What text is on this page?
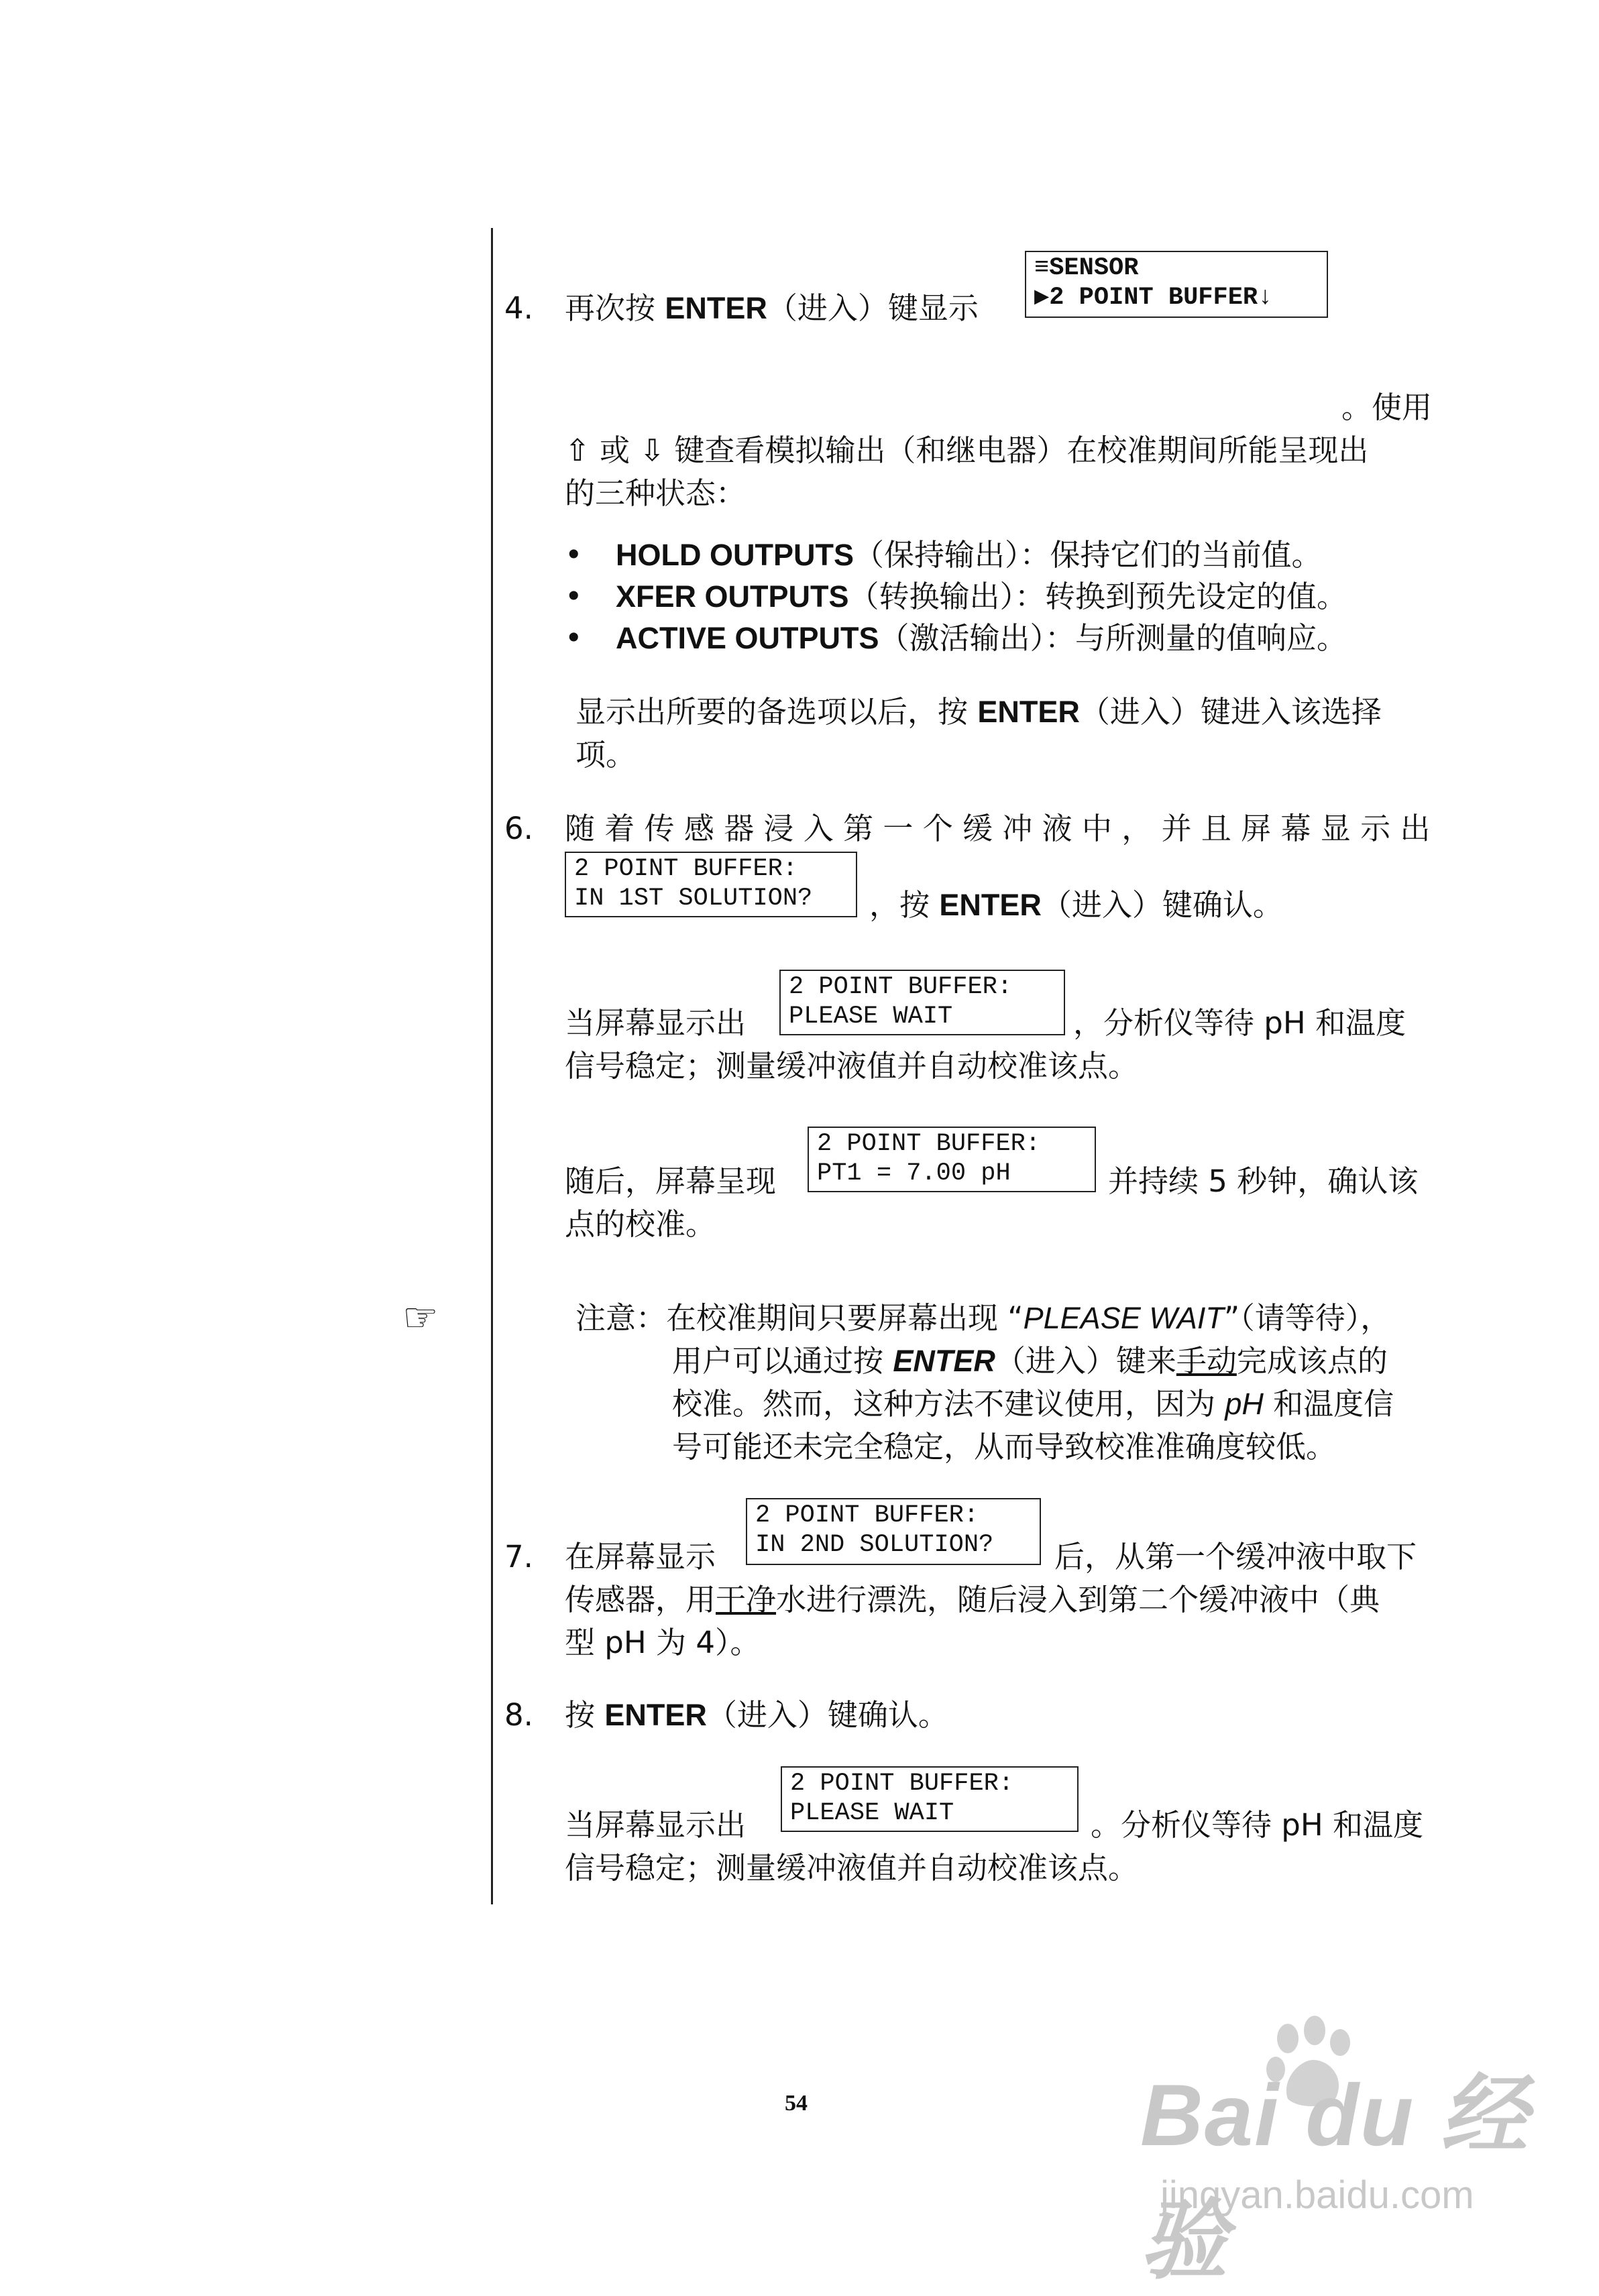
4. 再次按 ENTER（进入）键显示
≡SENSOR
▶2 POINT BUFFER↓
。使用
⇧ 或 ⇩ 键查看模拟输出（和继电器）在校准期间所能呈现出
的三种状态：
• HOLD OUTPUTS（保持输出）：保持它们的当前值。
• XFER OUTPUTS（转换输出）：转换到预先设定的值。
• ACTIVE OUTPUTS（激活输出）：与所测量的值响应。
显示出所要的备选项以后，按 ENTER（进入）键进入该选择
项。
6. 随 着 传 感 器 浸 入 第 一 个 缓 冲 液 中 ， 并 且 屏 幕 显 示 出
2 POINT BUFFER:
IN 1ST SOLUTION?	，按 ENTER（进入）键确认。
当屏幕显示出
2 POINT BUFFER:
PLEASE WAIT	，分析仪等待 pH 和温度
信号稳定；测量缓冲液值并自动校准该点。
随后，屏幕呈现
2 POINT BUFFER:
PT1 = 7.00 pH	并持续 5 秒钟，确认该
点的校准。
☞	注意：在校准期间只要屏幕出现 “PLEASE WAIT”（请等待），
用户可以通过按 ENTER（进入）键来手动完成该点的
校准。然而，这种方法不建议使用，因为 pH 和温度信
号可能还未完全稳定，从而导致校准准确度较低。
7. 在屏幕显示
2 POINT BUFFER:
IN 2ND SOLUTION?	后，从第一个缓冲液中取下
传感器，用干净水进行漂洗，随后浸入到第二个缓冲液中（典
型 pH 为 4）。
8. 按 ENTER（进入）键确认。
当屏幕显示出
2 POINT BUFFER:
PLEASE WAIT	。分析仪等待 pH 和温度
信号稳定；测量缓冲液值并自动校准该点。
54	Bai du 经验
jingyan.baidu.com
